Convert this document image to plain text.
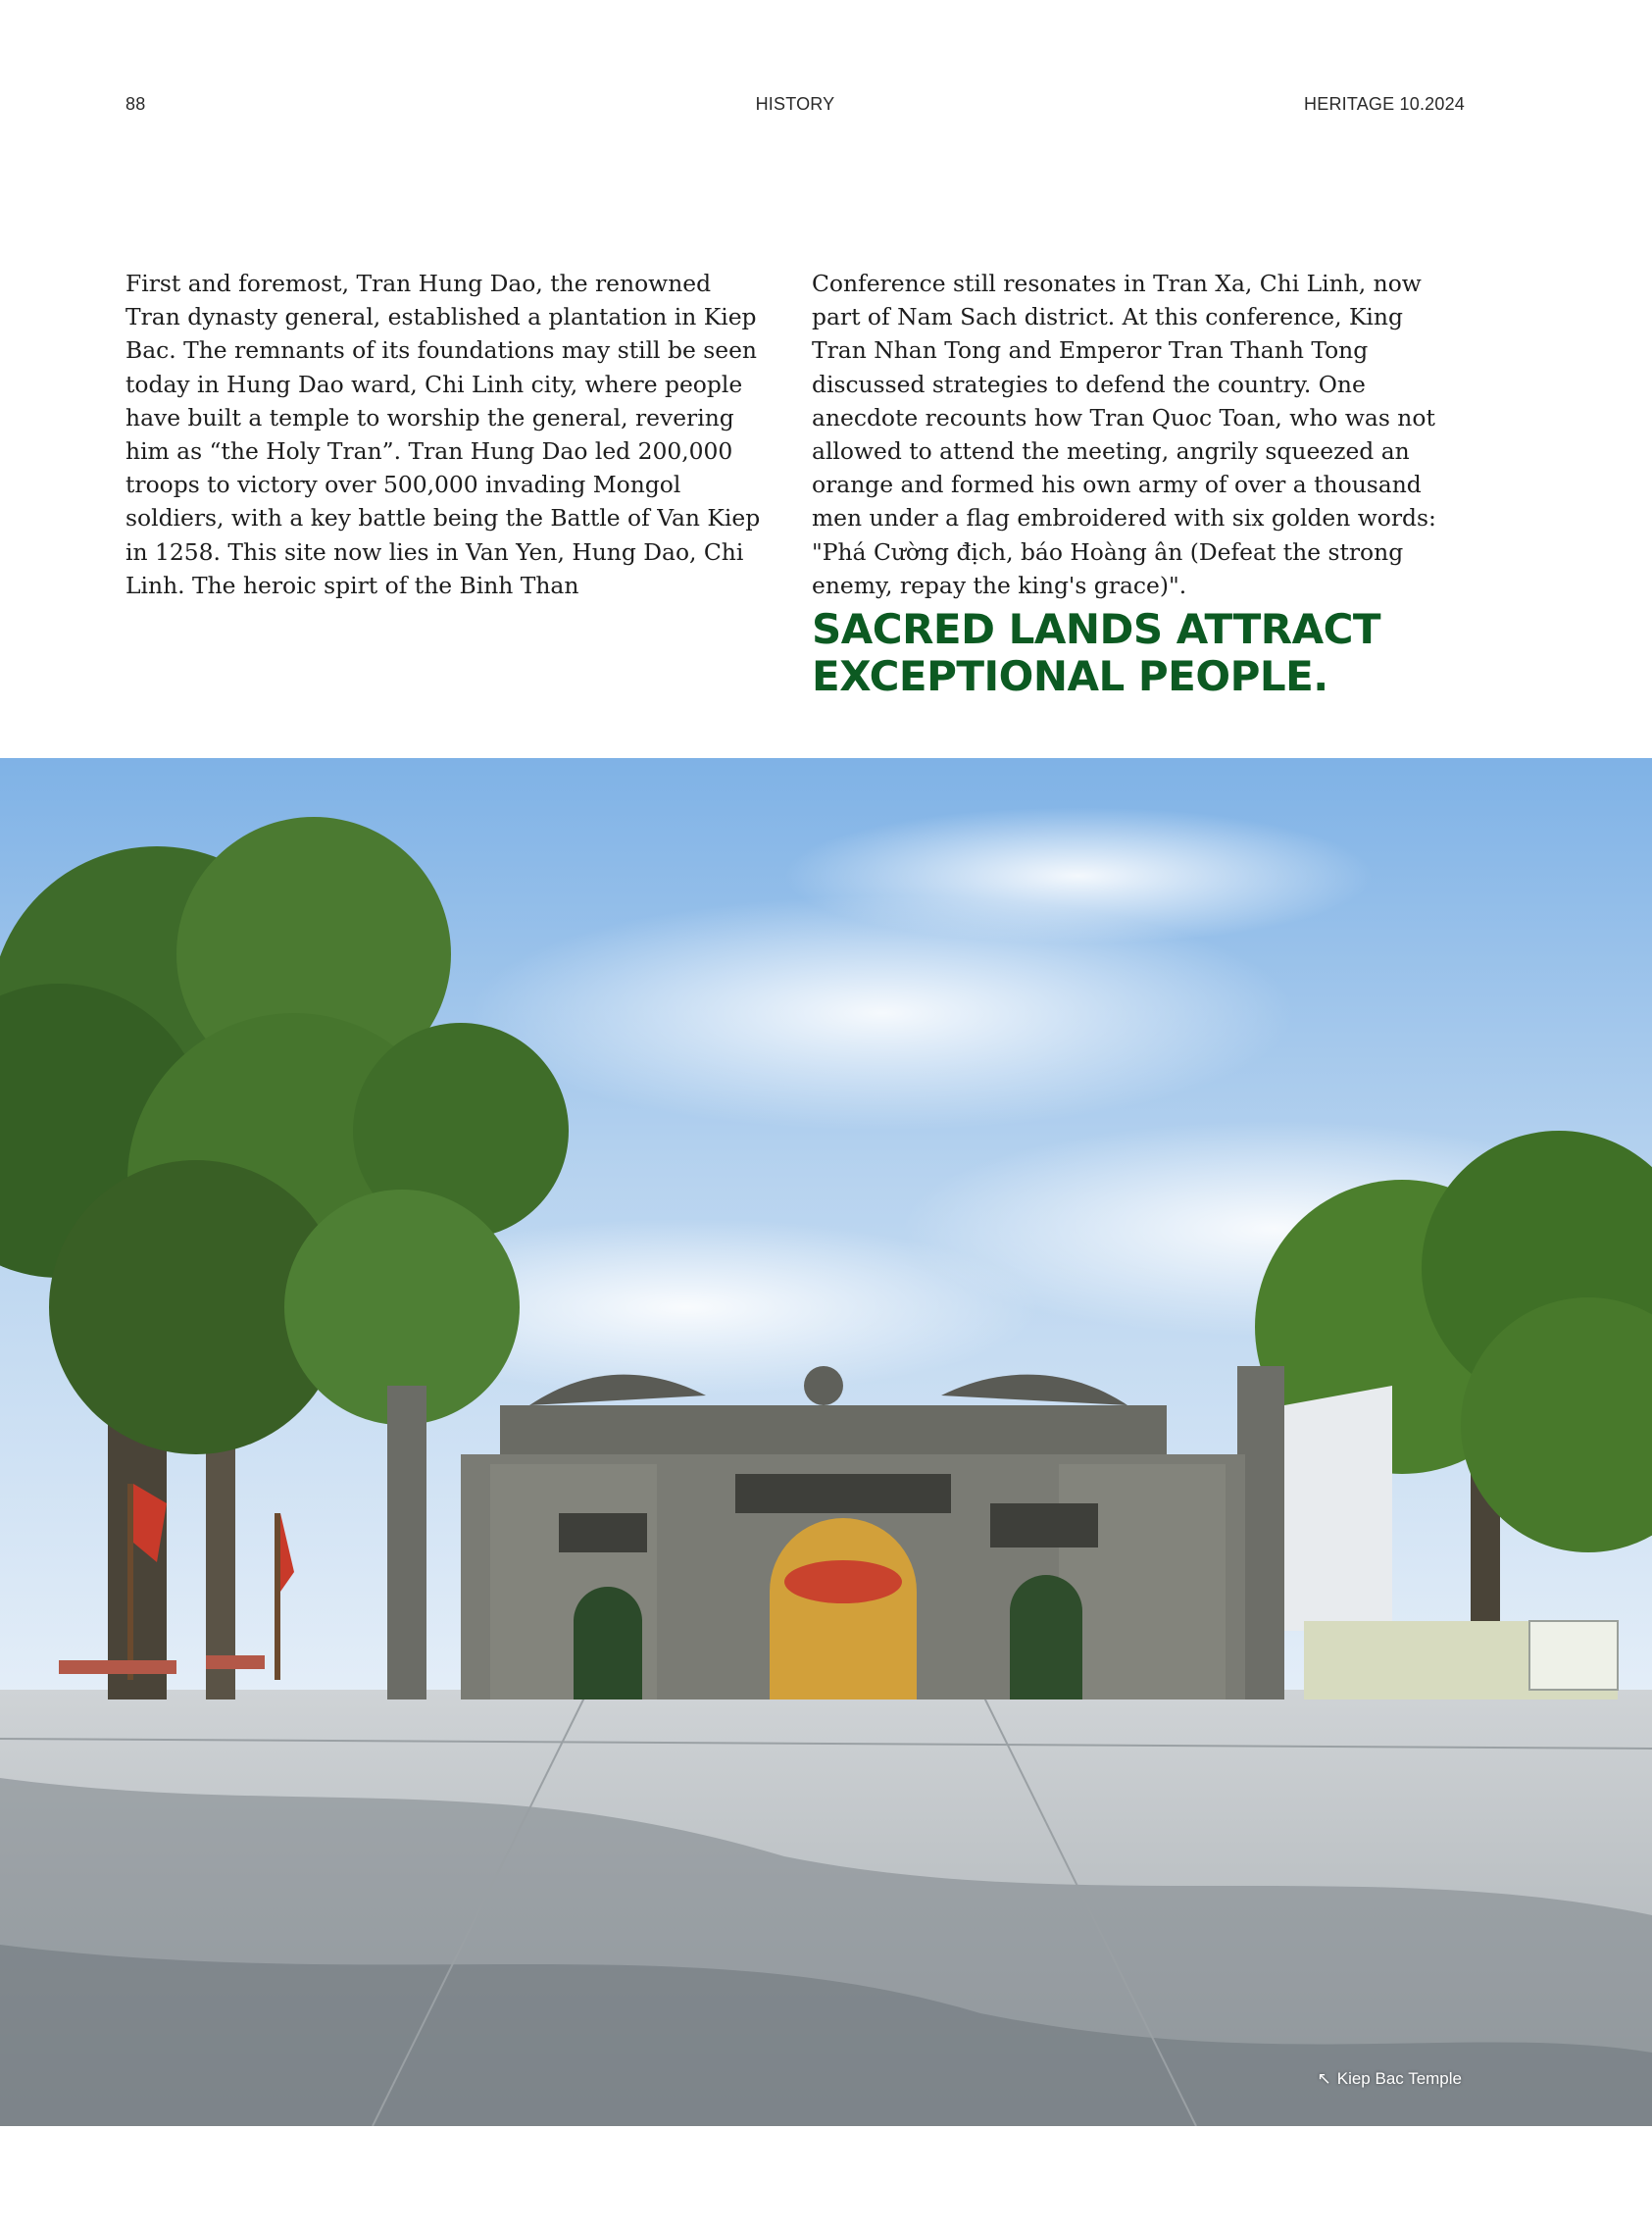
88	HISTORY	HERITAGE 10.2024

First and foremost, Tran Hung Dao, the renowned Tran dynasty general, established a plantation in Kiep Bac. The remnants of its foundations may still be seen today in Hung Dao ward, Chi Linh city, where people have built a temple to worship the general, revering him as “the Holy Tran”. Tran Hung Dao led 200,000 troops to victory over 500,000 invading Mongol soldiers, with a key battle being the Battle of Van Kiep in 1258. This site now lies in Van Yen, Hung Dao, Chi Linh. The heroic spirt of the Binh Than

Conference still resonates in Tran Xa, Chi Linh, now part of Nam Sach district. At this conference, King Tran Nhan Tong and Emperor Tran Thanh Tong discussed strategies to defend the country. One anecdote recounts how Tran Quoc Toan, who was not allowed to attend the meeting, angrily squeezed an orange and formed his own army of over a thousand men under a flag embroidered with six golden words: "Phá Cường địch, báo Hoàng ân (Defeat the strong enemy, repay the king's grace)".

SACRED LANDS ATTRACT EXCEPTIONAL PEOPLE.
↖ Kiep Bac Temple
